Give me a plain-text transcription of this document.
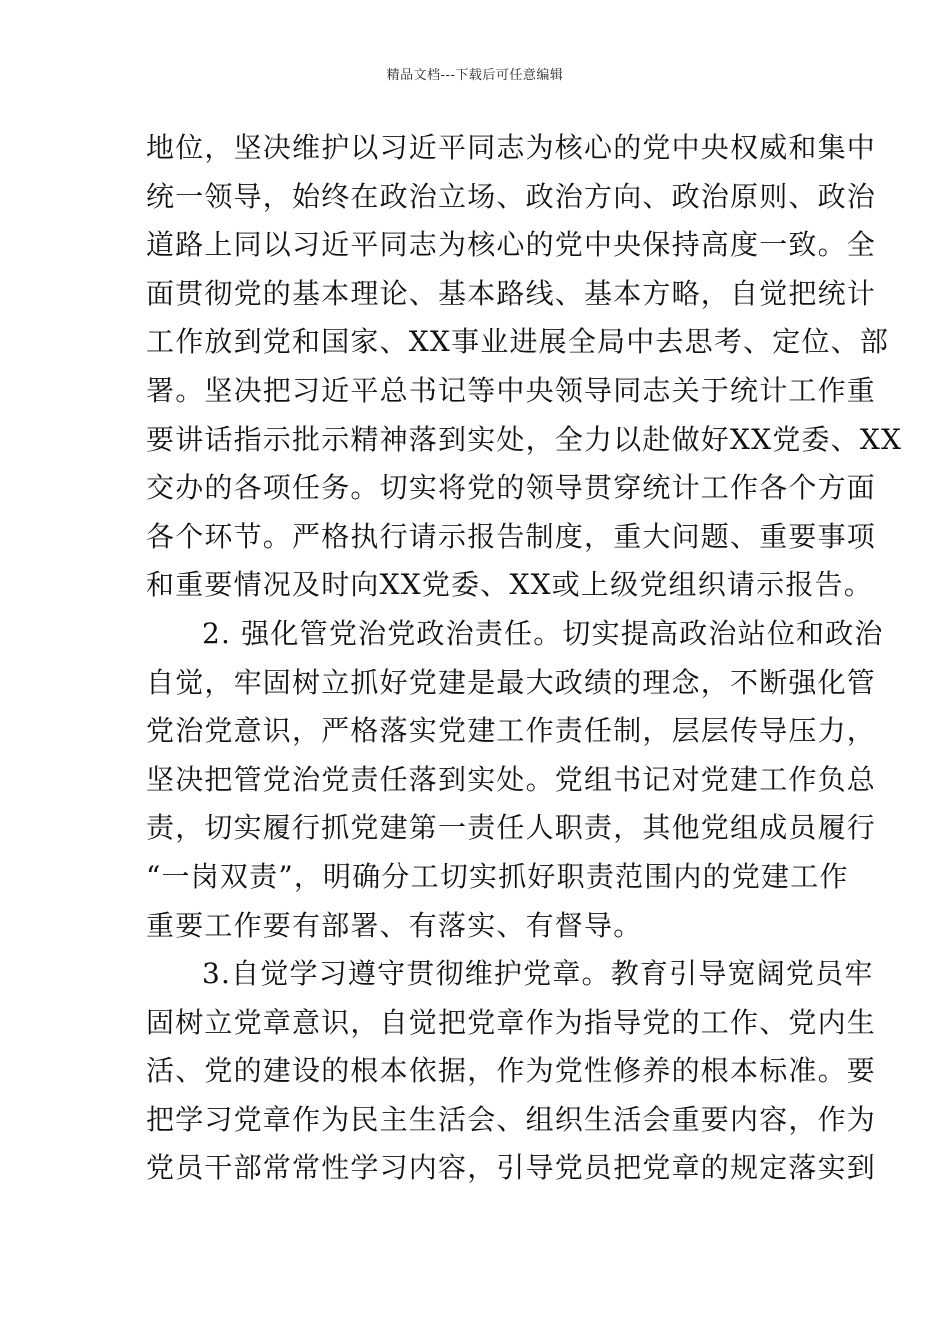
精品文档---下载后可任意编辑
地位，坚决维护以习近平同志为核心的党中央权威和集中
统一领导，始终在政治立场、政治方向、政治原则、政治
道路上同以习近平同志为核心的党中央保持高度一致。全
面贯彻党的基本理论、基本路线、基本方略，自觉把统计
工作放到党和国家、XX事业进展全局中去思考、定位、部
署。坚决把习近平总书记等中央领导同志关于统计工作重
要讲话指示批示精神落到实处，全力以赴做好XX党委、XX
交办的各项任务。切实将党的领导贯穿统计工作各个方面
各个环节。严格执行请示报告制度，重大问题、重要事项
和重要情况及时向XX党委、XX或上级党组织请示报告。
2. 强化管党治党政治责任。切实提高政治站位和政治
自觉，牢固树立抓好党建是最大政绩的理念，不断强化管
党治党意识，严格落实党建工作责任制，层层传导压力，
坚决把管党治党责任落到实处。党组书记对党建工作负总
责，切实履行抓党建第一责任人职责，其他党组成员履行
“一岗双责”，明确分工切实抓好职责范围内的党建工作
重要工作要有部署、有落实、有督导。
3.自觉学习遵守贯彻维护党章。教育引导宽阔党员牢
固树立党章意识，自觉把党章作为指导党的工作、党内生
活、党的建设的根本依据，作为党性修养的根本标准。要
把学习党章作为民主生活会、组织生活会重要内容，作为
党员干部常常性学习内容，引导党员把党章的规定落实到
